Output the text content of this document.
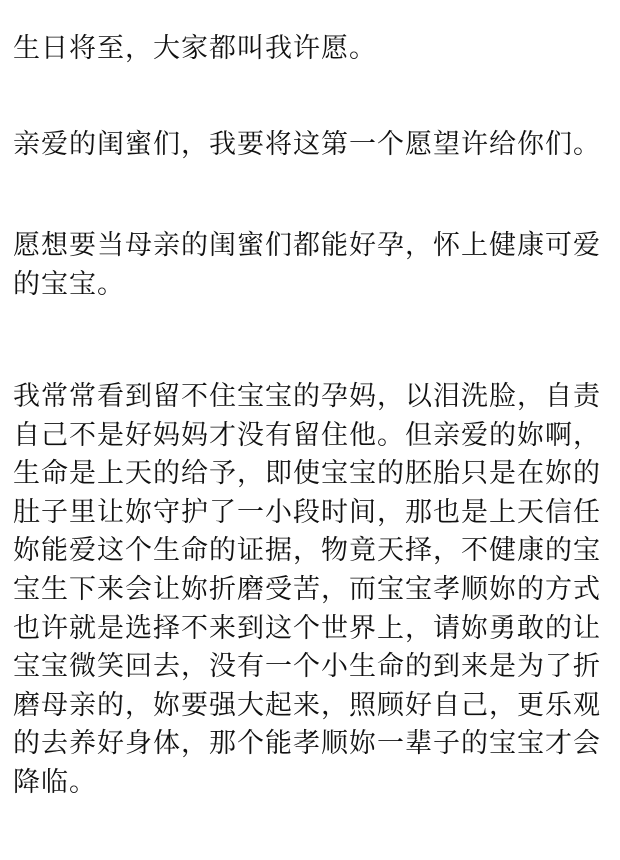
生日将至，大家都叫我许愿。
亲爱的闺蜜们，我要将这第一个愿望许给你们。
愿想要当母亲的闺蜜们都能好孕，怀上健康可爱
的宝宝。
我常常看到留不住宝宝的孕妈，以泪洗脸，自责
自己不是好妈妈才没有留住他。但亲爱的妳啊，
生命是上天的给予，即使宝宝的胚胎只是在妳的
肚子里让妳守护了一小段时间，那也是上天信任
妳能爱这个生命的证据，物竟天择，不健康的宝
宝生下来会让妳折磨受苦，而宝宝孝顺妳的方式
也许就是选择不来到这个世界上，请妳勇敢的让
宝宝微笑回去，没有一个小生命的到来是为了折
磨母亲的，妳要强大起来，照顾好自己，更乐观
的去养好身体，那个能孝顺妳一辈子的宝宝才会
降临。
